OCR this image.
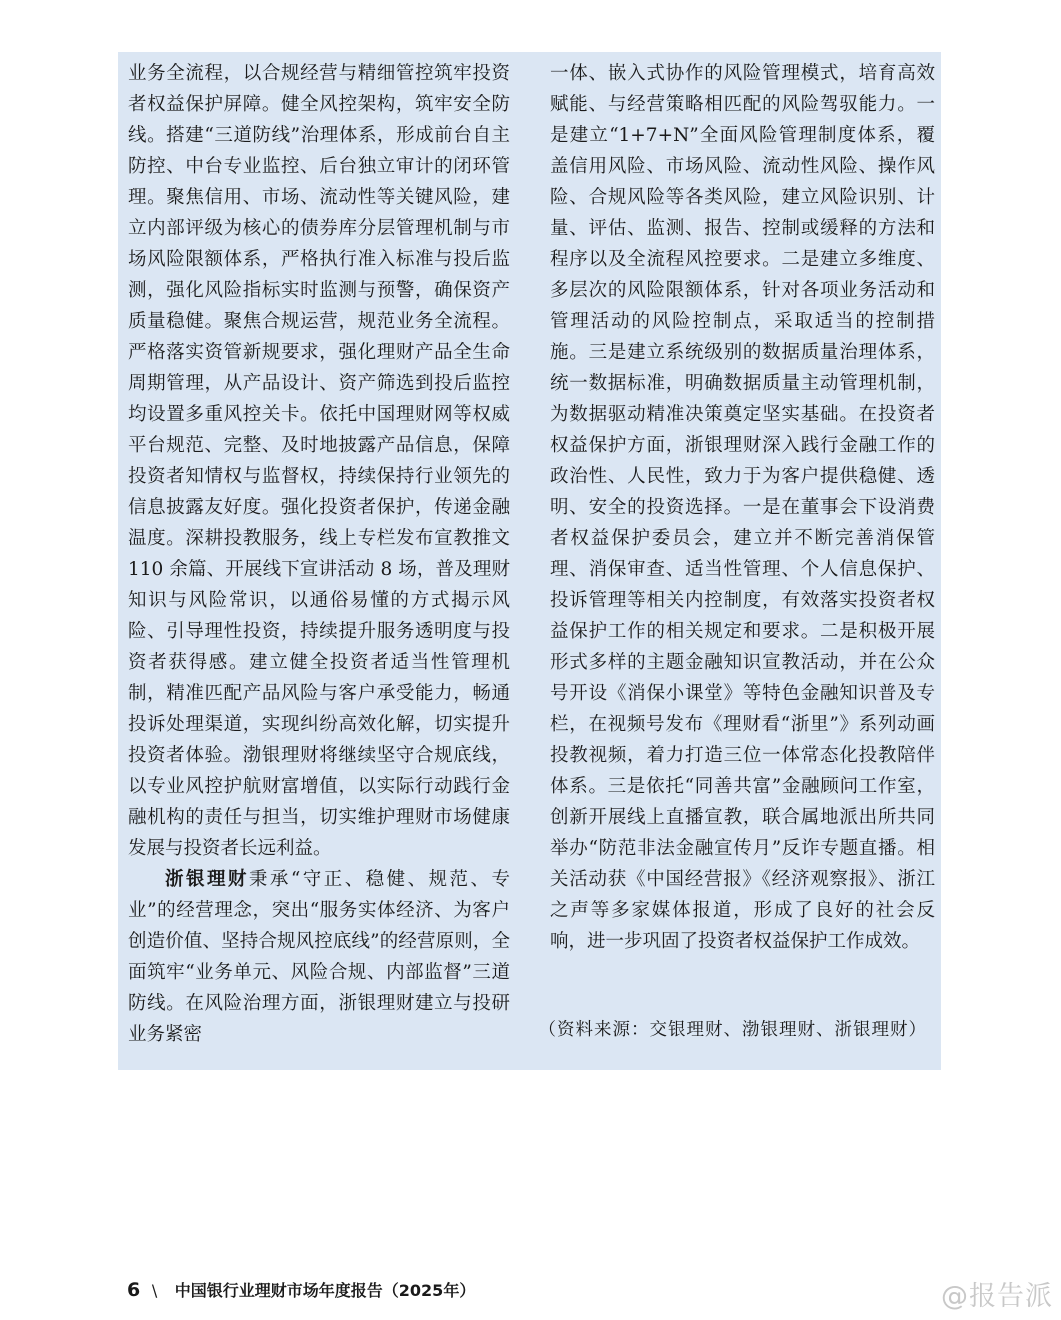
业务全流程，以合规经营与精细管控筑牢投资者权益保护屏障。健全风控架构，筑牢安全防线。搭建“三道防线”治理体系，形成前台自主防控、中台专业监控、后台独立审计的闭环管理。聚焦信用、市场、流动性等关键风险，建立内部评级为核心的债券库分层管理机制与市场风险限额体系，严格执行准入标准与投后监测，强化风险指标实时监测与预警，确保资产质量稳健。聚焦合规运营，规范业务全流程。严格落实资管新规要求，强化理财产品全生命周期管理，从产品设计、资产筛选到投后监控均设置多重风控关卡。依托中国理财网等权威平台规范、完整、及时地披露产品信息，保障投资者知情权与监督权，持续保持行业领先的信息披露友好度。强化投资者保护，传递金融温度。深耕投教服务，线上专栏发布宣教推文 110 余篇、开展线下宣讲活动 8 场，普及理财知识与风险常识，以通俗易懂的方式揭示风险、引导理性投资，持续提升服务透明度与投资者获得感。建立健全投资者适当性管理机制，精准匹配产品风险与客户承受能力，畅通投诉处理渠道，实现纠纷高效化解，切实提升投资者体验。渤银理财将继续坚守合规底线，以专业风控护航财富增值，以实际行动践行金融机构的责任与担当，切实维护理财市场健康发展与投资者长远利益。

浙银理财秉承“守正、稳健、规范、专业”的经营理念，突出“服务实体经济、为客户创造价值、坚持合规风控底线”的经营原则，全面筑牢“业务单元、风险合规、内部监督”三道防线。在风险治理方面，浙银理财建立与投研业务紧密

一体、嵌入式协作的风险管理模式，培育高效赋能、与经营策略相匹配的风险驾驭能力。一是建立“1+7+N”全面风险管理制度体系，覆盖信用风险、市场风险、流动性风险、操作风险、合规风险等各类风险，建立风险识别、计量、评估、监测、报告、控制或缓释的方法和程序以及全流程风控要求。二是建立多维度、多层次的风险限额体系，针对各项业务活动和管理活动的风险控制点，采取适当的控制措施。三是建立系统级别的数据质量治理体系，统一数据标准，明确数据质量主动管理机制，为数据驱动精准决策奠定坚实基础。在投资者权益保护方面，浙银理财深入践行金融工作的政治性、人民性，致力于为客户提供稳健、透明、安全的投资选择。一是在董事会下设消费者权益保护委员会，建立并不断完善消保管理、消保审查、适当性管理、个人信息保护、投诉管理等相关内控制度，有效落实投资者权益保护工作的相关规定和要求。二是积极开展形式多样的主题金融知识宣教活动，并在公众号开设《消保小课堂》等特色金融知识普及专栏，在视频号发布《理财看“浙里”》系列动画投教视频，着力打造三位一体常态化投教陪伴体系。三是依托“同善共富”金融顾问工作室，创新开展线上直播宣教，联合属地派出所共同举办“防范非法金融宣传月”反诈专题直播。相关活动获《中国经营报》《经济观察报》、浙江之声等多家媒体报道，形成了良好的社会反响，进一步巩固了投资者权益保护工作成效。

（资料来源：交银理财、渤银理财、浙银理财）
6 \ 中国银行业理财市场年度报告（2025年）	@报告派
